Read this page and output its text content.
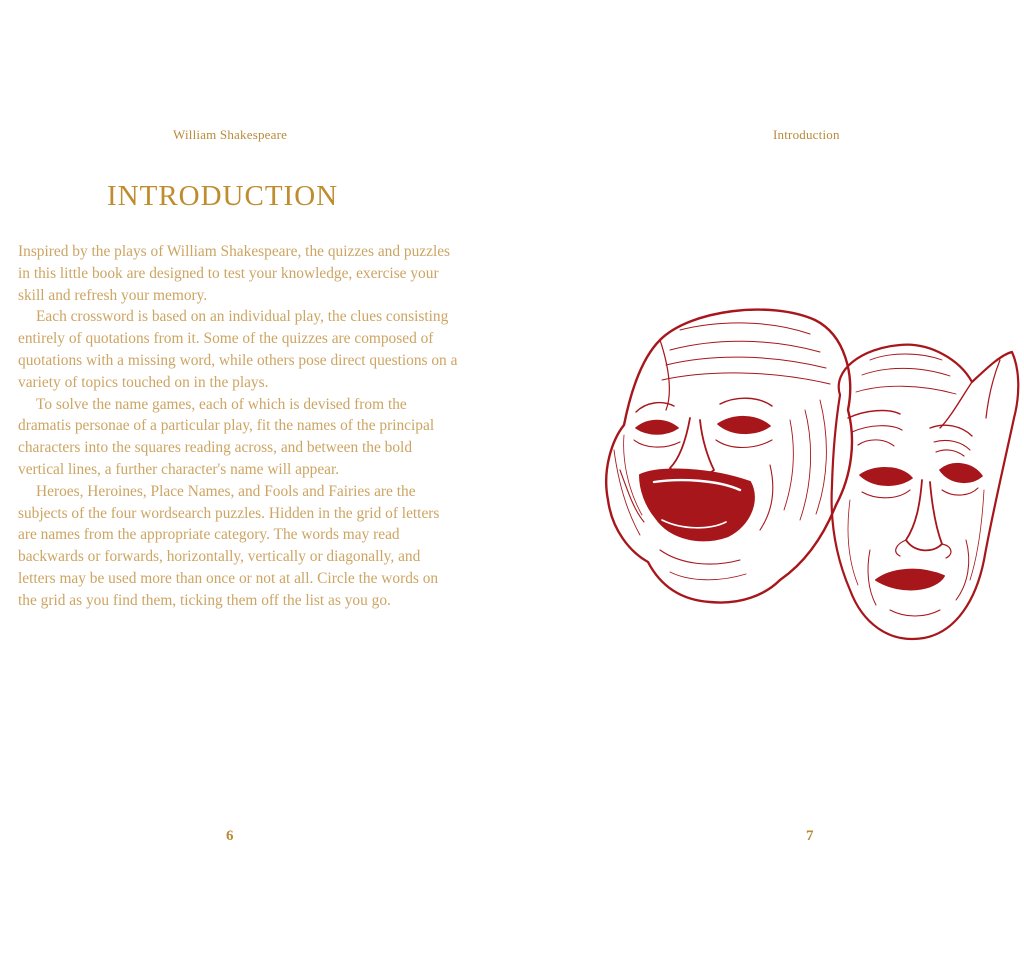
William Shakespeare
INTRODUCTION

Inspired by the plays of William Shakespeare, the quizzes and puzzles in this little book are designed to test your knowledge, exercise your skill and refresh your memory.

Each crossword is based on an individual play, the clues consisting entirely of quotations from it. Some of the quizzes are composed of quotations with a missing word, while others pose direct questions on a variety of topics touched on in the plays.

To solve the name games, each of which is devised from the dramatis personae of a particular play, fit the names of the principal characters into the squares reading across, and between the bold vertical lines, a further character's name will appear.

Heroes, Heroines, Place Names, and Fools and Fairies are the subjects of the four wordsearch puzzles. Hidden in the grid of letters are names from the appropriate category. The words may read backwards or forwards, horizontally, vertically or diagonally, and letters may be used more than once or not at all. Circle the words on the grid as you find them, ticking them off the list as you go.

6
Introduction
7
